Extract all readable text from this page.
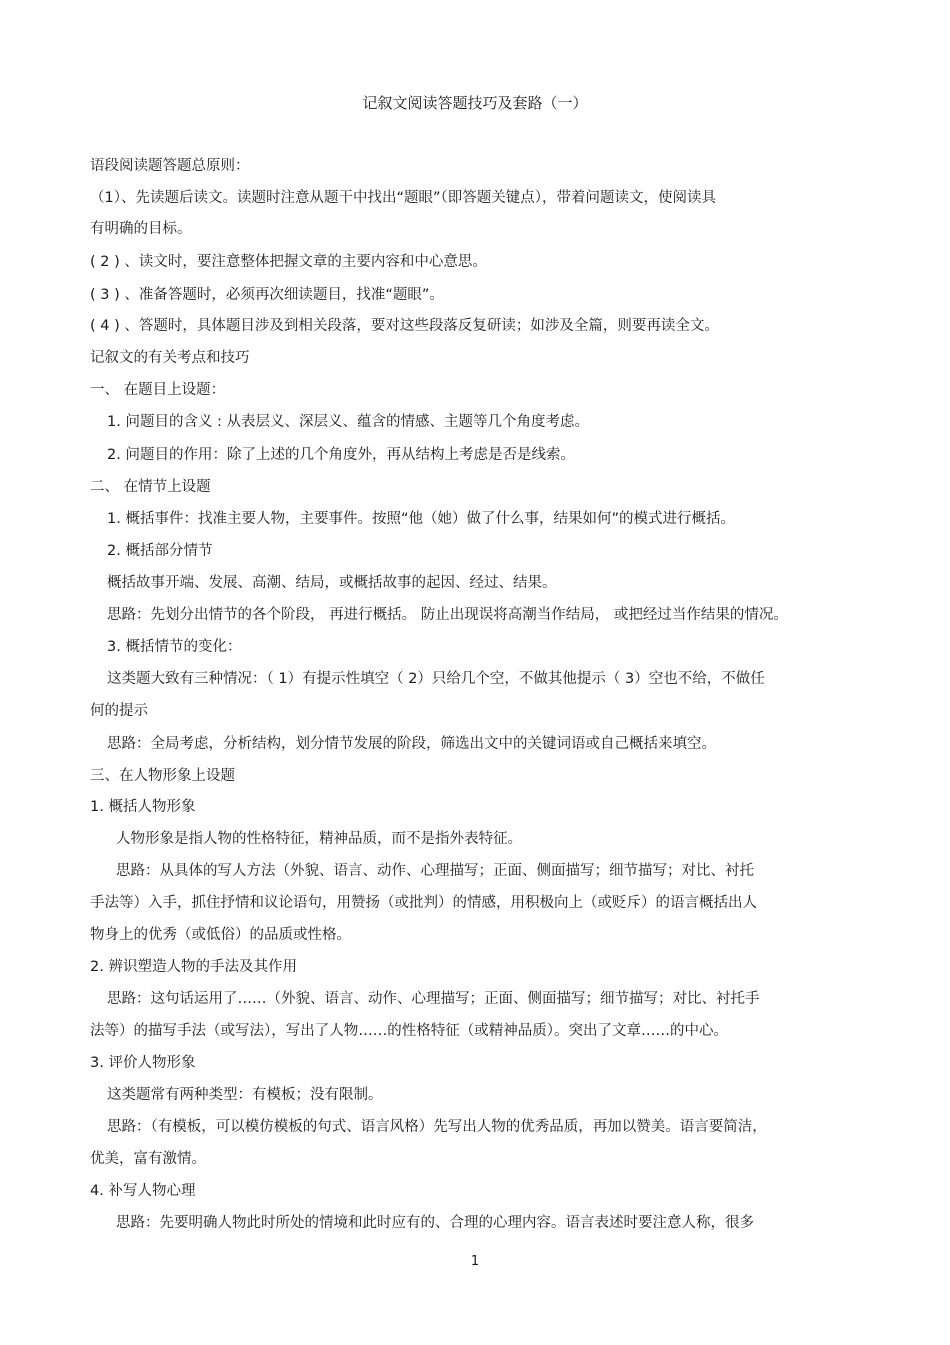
记叙文阅读答题技巧及套路（一）
语段阅读题答题总原则：
（1）、先读题后读文。读题时注意从题干中找出“题眼”（即答题关键点），带着问题读文，使阅读具
有明确的目标。
( 2 ) 、读文时，要注意整体把握文章的主要内容和中心意思。
( 3 ) 、准备答题时，必须再次细读题目，找准“题眼”。
( 4 ) 、答题时，具体题目涉及到相关段落，要对这些段落反复研读；如涉及全篇，则要再读全文。
记叙文的有关考点和技巧
一、 在题目上设题：
1. 问题目的含义 : 从表层义、深层义、蕴含的情感、主题等几个角度考虑。
2. 问题目的作用：除了上述的几个角度外，再从结构上考虑是否是线索。
二、 在情节上设题
1. 概括事件：找准主要人物，主要事件。按照“他（她）做了什么事，结果如何”的模式进行概括。
2. 概括部分情节
概括故事开端、发展、高潮、结局，或概括故事的起因、经过、结果。
思路：先划分出情节的各个阶段， 再进行概括。 防止出现误将高潮当作结局， 或把经过当作结果的情况。
3. 概括情节的变化：
这类题大致有三种情况：（ 1）有提示性填空（ 2）只给几个空，不做其他提示（ 3）空也不给，不做任
何的提示
思路：全局考虑，分析结构，划分情节发展的阶段，筛选出文中的关键词语或自己概括来填空。
三、在人物形象上设题
1. 概括人物形象
人物形象是指人物的性格特征，精神品质，而不是指外表特征。
思路：从具体的写人方法（外貌、语言、动作、心理描写；正面、侧面描写；细节描写；对比、衬托
手法等）入手，抓住抒情和议论语句，用赞扬（或批判）的情感，用积极向上（或贬斥）的语言概括出人
物身上的优秀（或低俗）的品质或性格。
2. 辨识塑造人物的手法及其作用
思路：这句话运用了……（外貌、语言、动作、心理描写；正面、侧面描写；细节描写；对比、衬托手
法等）的描写手法（或写法），写出了人物……的性格特征（或精神品质）。突出了文章……的中心。
3. 评价人物形象
这类题常有两种类型：有模板；没有限制。
思路：（有模板，可以模仿模板的句式、语言风格）先写出人物的优秀品质，再加以赞美。语言要简洁，
优美，富有激情。
4. 补写人物心理
思路：先要明确人物此时所处的情境和此时应有的、合理的心理内容。语言表述时要注意人称，很多
1
